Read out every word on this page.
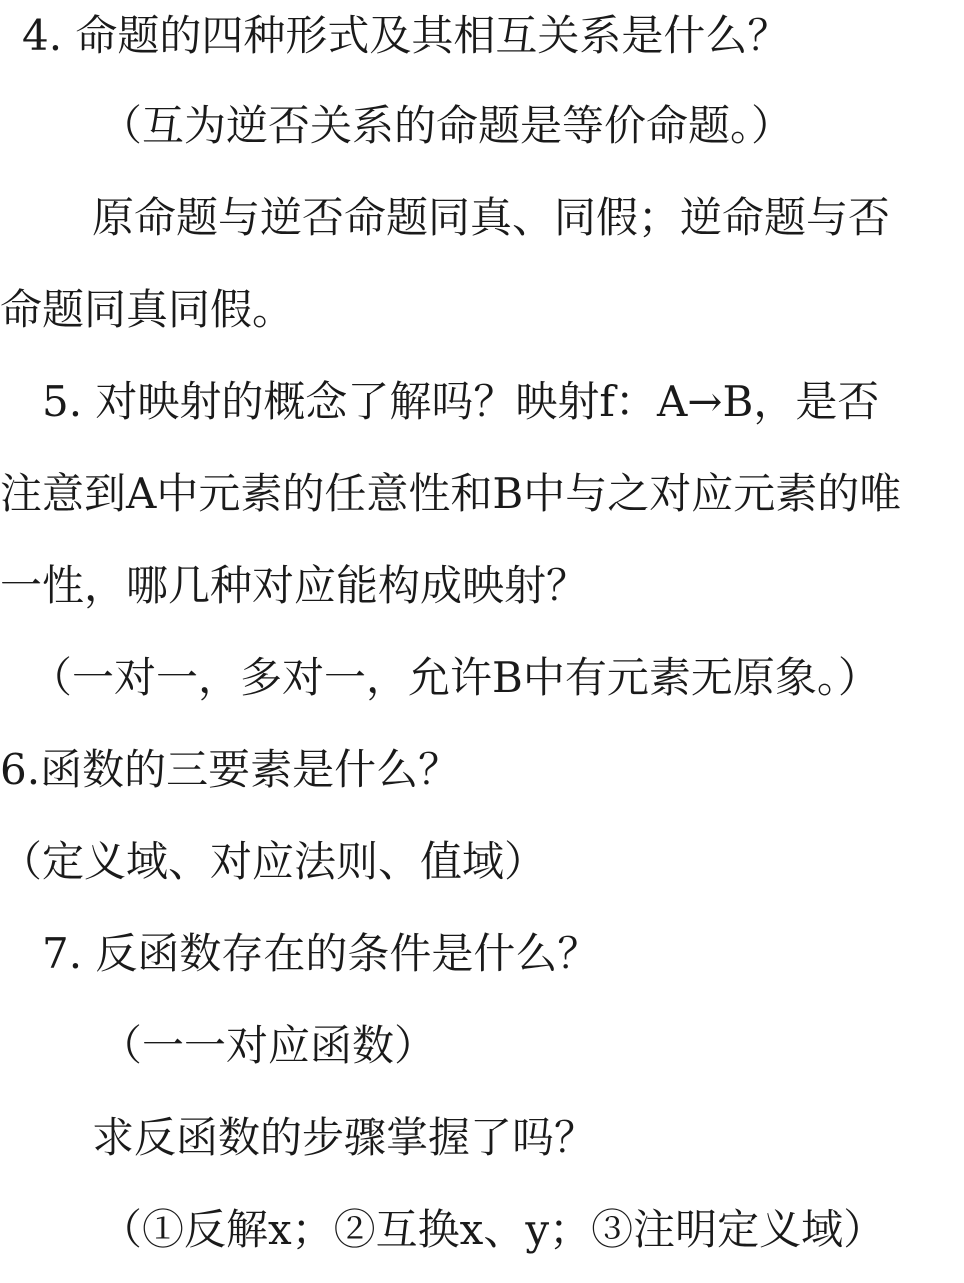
4. 命题的四种形式及其相互关系是什么？
（互为逆否关系的命题是等价命题。）
原命题与逆否命题同真、同假；逆命题与否
命题同真同假。
5. 对映射的概念了解吗？映射f：A→B，是否
注意到A中元素的任意性和B中与之对应元素的唯
一性，哪几种对应能构成映射？
（一对一，多对一，允许B中有元素无原象。）
6.函数的三要素是什么？
（定义域、对应法则、值域）
7. 反函数存在的条件是什么？
（一一对应函数）
求反函数的步骤掌握了吗？
（①反解x；②互换x、y；③注明定义域）
